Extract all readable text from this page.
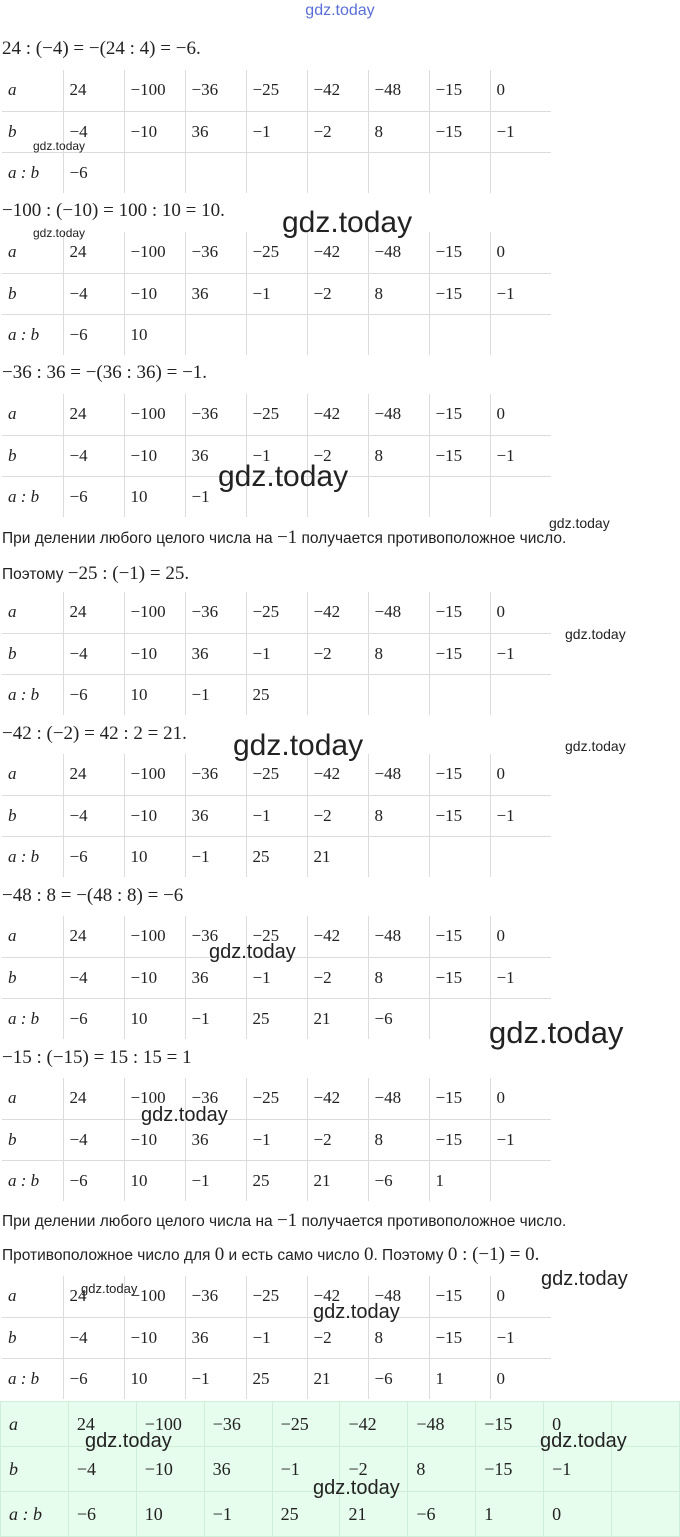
gdz.today
24 : (−4) = −(24 : 4) = −6.
−100 : (−10) = 100 : 10 = 10.
−36 : 36 = −(36 : 36) = −1.
При делении любого целого числа на −1 получается противоположное число.
Поэтому −25 : (−1) = 25.
−42 : (−2) = 42 : 2 = 21.
−48 : 8 = −(48 : 8) = −6
−15 : (−15) = 15 : 15 = 1
При делении любого целого числа на −1 получается противоположное число.
Противоположное число для 0 и есть само число 0. Поэтому 0 : (−1) = 0.
a	24	−100	−36	−25	−42	−48	−15	0
b	−4	−10	36	−1	−2	8	−15	−1
a : b	−6							
a	24	−100	−36	−25	−42	−48	−15	0
b	−4	−10	36	−1	−2	8	−15	−1
a : b	−6	10						
a	24	−100	−36	−25	−42	−48	−15	0
b	−4	−10	36	−1	−2	8	−15	−1
a : b	−6	10	−1					
a	24	−100	−36	−25	−42	−48	−15	0
b	−4	−10	36	−1	−2	8	−15	−1
a : b	−6	10	−1	25				
a	24	−100	−36	−25	−42	−48	−15	0
b	−4	−10	36	−1	−2	8	−15	−1
a : b	−6	10	−1	25	21			
a	24	−100	−36	−25	−42	−48	−15	0
b	−4	−10	36	−1	−2	8	−15	−1
a : b	−6	10	−1	25	21	−6		
a	24	−100	−36	−25	−42	−48	−15	0
b	−4	−10	36	−1	−2	8	−15	−1
a : b	−6	10	−1	25	21	−6	1	
a	24	−100	−36	−25	−42	−48	−15	0
b	−4	−10	36	−1	−2	8	−15	−1
a : b	−6	10	−1	25	21	−6	1	0
a	24	−100	−36	−25	−42	−48	−15	0	
b	−4	−10	36	−1	−2	8	−15	−1	
a : b	−6	10	−1	25	21	−6	1	0	
gdz.today
gdz.today	gdz.today
gdz.today
gdz.today
gdz.today
gdz.today	gdz.today
gdz.today
gdz.today
gdz.today
gdz.today	gdz.today
gdz.today
gdz.today	gdz.today
gdz.today
